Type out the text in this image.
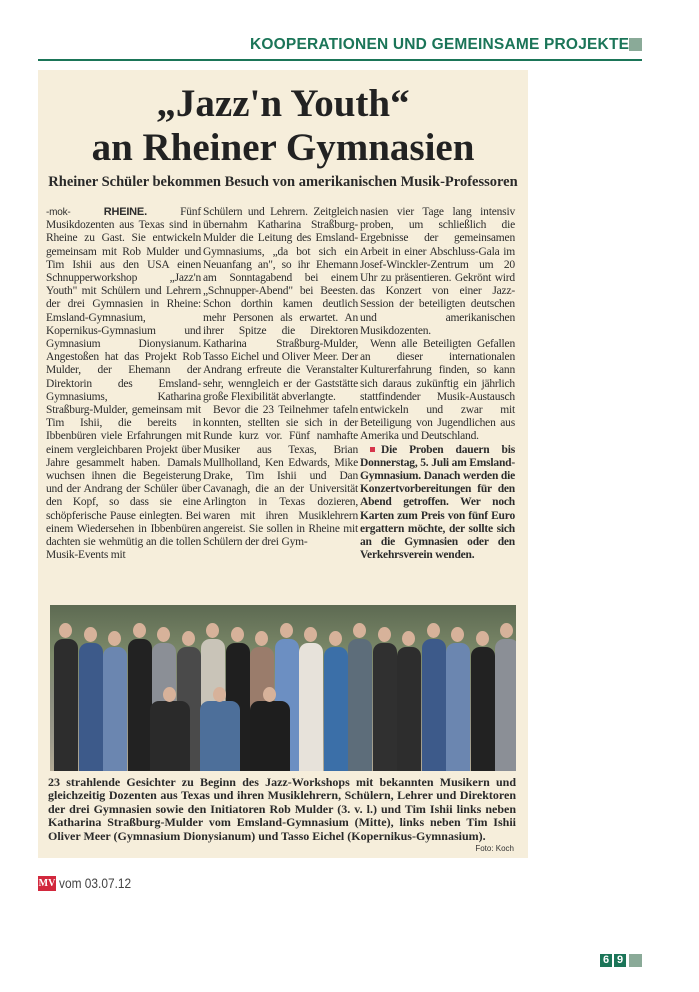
KOOPERATIONEN UND GEMEINSAME PROJEKTE
„Jazz'n Youth“
an Rheiner Gymnasien
Rheiner Schüler bekommen Besuch von amerikanischen Musik-Professoren

-mok-	RHEINE.	Fünf Musikdozenten aus Texas sind in Rheine zu Gast. Sie entwickeln gemeinsam mit Rob Mulder und Tim Ishii aus den USA einen Schnupperworkshop „Jazz'n Youth" mit Schülern und Lehrern der drei Gymnasien in Rheine: Emsland-Gymnasium, Kopernikus-Gymnasium und Gymnasium Dionysianum. Angestoßen hat das Projekt Rob Mulder, der Ehemann der Direktorin des Emsland-Gymnasiums, Katharina Straßburg-Mulder, gemeinsam mit Tim Ishii, die bereits in Ibbenbüren viele Erfahrungen mit einem vergleichbaren Projekt über Jahre gesammelt haben. Damals wuchsen ihnen die Begeisterung und der Andrang der Schüler über den Kopf, so dass sie eine schöpferische Pause einlegten. Bei einem Wiedersehen in Ibbenbüren dachten sie wehmütig an die tollen Musik-Events mit

Schülern und Lehrern. Zeitgleich übernahm Katharina Straßburg-Mulder die Leitung des Emsland-Gymnasiums, „da bot sich ein Neuanfang an", so ihr Ehemann am Sonntagabend bei einem „Schnupper-Abend" bei Beesten. Schon dorthin kamen deutlich mehr Personen als erwartet. An ihrer Spitze die Direktoren Katharina Straßburg-Mulder, Tasso Eichel und Oliver Meer. Der Andrang erfreute die Veranstalter sehr, wenngleich er der Gaststätte große Flexibilität abverlangte.

Bevor die 23 Teilnehmer tafeln konnten, stellten sie sich in der Runde kurz vor. Fünf namhafte Musiker aus Texas, Brian Mullholland, Ken Edwards, Mike Drake, Tim Ishii und Dan Cavanagh, die an der Universität Arlington in Texas dozieren, waren mit ihren Musiklehrern angereist. Sie sollen in Rheine mit Schülern der drei Gym-

nasien vier Tage lang intensiv proben, um schließlich die Ergebnisse der gemeinsamen Arbeit in einer Abschluss-Gala im Josef-Winckler-Zentrum um 20 Uhr zu präsentieren. Gekrönt wird das Konzert von einer Jazz-Session der beteiligten deutschen und amerikanischen Musikdozenten.

Wenn alle Beteiligten Gefallen an dieser internationalen Kulturerfahrung finden, so kann sich daraus zukünftig ein jährlich stattfindender Musik-Austausch entwickeln und zwar mit Beteiligung von Jugendlichen aus Amerika und Deutschland.

Die Proben dauern bis Donnerstag, 5. Juli am Emsland-Gymnasium. Danach werden die Konzertvorbereitungen für den Abend getroffen. Wer noch Karten zum Preis von fünf Euro ergattern möchte, der sollte sich an die Gymnasien oder den Verkehrsverein wenden.

23 strahlende Gesichter zu Beginn des Jazz-Workshops mit bekannten Musikern und gleichzeitig Dozenten aus Texas und ihren Musiklehrern, Schülern, Lehrer und Direktoren der drei Gymnasien sowie den Initiatoren Rob Mulder (3. v. l.) und Tim Ishii links neben Katharina Straßburg-Mulder vom Emsland-Gymnasium (Mitte), links neben Tim Ishii Oliver Meer (Gymnasium Dionysianum) und Tasso Eichel (Kopernikus-Gymnasium).
Foto: Koch
MV vom 03.07.12
6 9
